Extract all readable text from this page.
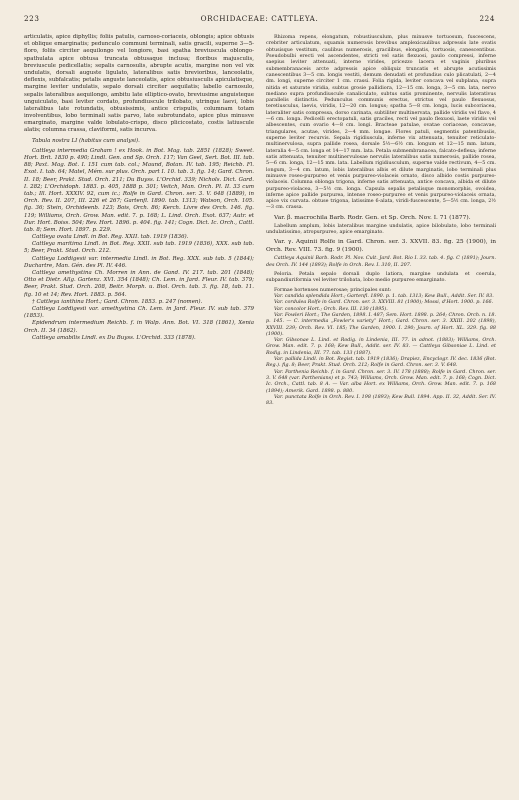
223	ORCHIDACEAE: CATTLEYA.	224

articulatis, apice diphyllis; foliis patulis, carnoso-coriaceis, oblongis; apice obtusis et oblique emarginatis; pedunculo communi terminali, satis gracili, superne 3—5-floro, foliis circiter aequilongo vel longiore, basi spatha breviuscula oblongo-spathulata apice obtusa truncata obtusaque inclusa; floribus majusculis, breviuscule pedicellatis; sepalis carnosulis, abrupte acutis, margine non vel vix undulatis, dorsali auguste ligulato, lateralibus satis brevioribus, lanceolatis, deflexis, subfalcatis; petalis anguste lanceolatis, apice obtusiusculis apiculatisque, margine leviter undulatis, sepalo dorsali circiter aequilatis; labello carnosulo, sepalis lateralibus aequilongo, ambitu late elliptico-ovato, breviusime anguisteque unguiculato, basi leviter cordato, profundiuscule trilobato, utrinque laevi, lobis lateralibus late rotundatis, obtusissimis, antice crispulis, columnam totam involventibus, lobo terminali satis parvo, late subrotundato, apice plus minusve emarginato, margine valde lobulato-crispo, disco plicicostato, costis latiuscule alatis; columna crassa, claviformi, satis incurva.

Tabula nostra LI (habitus cum analysi).

Cattleya intermedia Graham ! ex Hook. in Bot. Mag. tab. 2851 (1828); Sweet. Hort. Brit. 1830 p. 490; Lindl. Gen. and Sp. Orch. 117; Van Geel, Sert. Bot. III. tab. 88; Paxt. Mag. Bot. I. 151 cum tab. col.; Maund, Botan. IV. tab. 195; Reichb. Fl. Exot. I. tab. 64; Matel, Mém. sur plus. Orch. part I. 10. tab. 3. fig. 14; Gard. Chron. II. 18; Beer, Prakt. Stud. Orch. 211; Du Buyss. L'Orchid. 339; Nichols. Dict. Gard. I. 282; L'Orchidoph. 1883. p. 405, 1888 p. 301; Veitch, Man. Orch. Pl. II. 33 cum tab.; Ill. Hort. XXXIV. 92, cum ic.; Rolfe in Gard. Chron. ser. 3. V. 648 (1889), in Orch. Rev. II. 207, III. 226 et 267; Gartenfl. 1890. tab. 1313; Watson, Orch. 105. fig. 36; Stein, Orchideenb. 123; Bois, Orch. 86; Kerch. Livre des Orch. 146. fig. 119; Williams, Orch. Grow. Man. edit. 7. p. 168; L. Lind. Orch. Exot. 637; Autr. et Dur. Hort. Boiss. 504; Rev. Hort. 1896. p. 404. fig. 141; Cogn. Dict. Ic. Orch., Cattl. tab. 8; Sem. Hort. 1897. p. 229.

Cattleya ovata Lindl. in Bot. Reg. XXII. tab. 1919 (1836).

Cattleya maritima Lindl. in Bot. Reg. XXII. sub tab. 1919 (1836), XXX. sub tab. 5; Beer, Prakt. Stud. Orch. 212.

Cattleya Loddigesii var. intermedia Lindl. in Bot. Reg. XXX. sub tab. 5 (1844); Duchartre, Man. Gén. des Pl. IV. 446.

Cattleya amethystina Ch. Morren in Ann. de Gand. IV. 217. tab. 201 (1848); Otto et Dietr. Allg. Gartenz. XVI. 354 (1848); Ch. Lem. in Jard. Fleur. IV. tab. 379; Beer, Prakt. Stud. Orch. 208, Beitr. Morph. u. Biol. Orch. tab. 3. fig. 18, tab. 11. fig. 10 et 14; Rev. Hort. 1883. p. 564.

† Cattleya ianthina Hort.; Gard. Chron. 1853. p. 247 (nomen).

Cattleya Loddigesii var. amethystina Ch. Lem. in Jard. Fleur. IV. sub tab. 379 (1853).

Epidendrum intermedium Reichb. f. in Walp. Ann. Bot. VI. 318 (1861), Xenia Orch. II. 34 (1862).

Cattleya amabilis Lindl. ex Du Buyss. L'Orchid. 333 (1878).

Rhizoma repens, elongatum, robustiusculum, plus minusve tortuosum, fuscescens, crebriter articulatum, squamis numerosis brevibus amplexicaulibus adpressis late ovatis obtusisque vestitum, caulibus numerosis, gracilibus, elongatis, tortuosis, canescentibus. Pseudobulbi erecti vel ascendentes, stricti vel satis flexuosi, paulo compressi, inferne saepius leviter attenuati, interne virides, pricezzo lacera et vaginis pluribus submembranaceis arcte adpressis apice obliquiz truncatis et abrupte acutissimis canescentibus 3—5 cm. longis vestiti, demum denudati et profundius culo plicatulati, 2—4 dm. longi, superne circiter 1 cm. crassi. Folia rigida, leviter concava vel subplana, supra nitida et saturate viridia, subtus grosie pallidiora, 12—15 cm. longa, 3—5 cm. lata, nervo mediano supra profundiuscule canaliculato, subtus satis prominente, nervulis laterativus parallelis distinctis. Pedunculus communis erectus, strictus vel paulo flexuosus, teretiusculus, laevis, viridis, 12—20 cm. longus; spatha 5—8 cm. longa, lucis subcoriacea, lateraliter satis compressa, dorso carinata, subtiliter multinervata, pallide viridis vel flavo, 4—6 cm. longa. Pedicelli erectopatuli, satis graciles, recti vel paulo flexuosi, laete viridis vel albescentes, cum ovario 4—8 cm. longi. Bracteae patulae, ovatae coriaceae, concavae, triangulares, acutae, virides, 2—4 mm. longae. Flores patuli, segmentis patentibusiis, superne leviter recurvis. Sepala rigidiuscula, inferne vix attenuata, tenuiter reticulato-multinervulosa, supra pallide rosea, dorsale 5½—6½ cm. longum et 12—15 mm. latum, lateralia 4—5 cm. longa et 14—17 mm. lata. Petala submembranacea, falcato-deflexa; inferne satis attenuata, tenuiter multinervulosae nervulis lateralibus satis numerosis, pallide rosea, 5—6 cm. longa, 12—15 mm. lata. Labellum rigidiusculum, superne valde rectivum, 4—5 cm. longum, 3—4 cm. latum, lobis lateralibus albis et dilute marginatis, lobo terminali plus minusve roseo-purpureo et venis purpureo-violaceis ornato, disco albido costis purpureo-violaceis. Columna oblonga trigona, inferne satis attenuata, antice concava, albida et dilute purpureo-violacea, 3—5½ cm. longa. Capsula sepalis petalisque monomorphis, ovoidea, inferne apice pallide purpurea, intense roseo-purpureo et venis purpureo-violaceis ornata, apice vix curvata. obtuse trigona, latissime 6-alata, viridi-fuscescente, 5—5½ cm. longa, 2½—3 cm. crassa.

Var. β. macrochila Barb. Rodr. Gen. et Sp. Orch. Nov. I. 71 (1877).

Labellum amplum, lobis lateralibus margine undulatis, apice bilobulato, lobo terminali undulatissimo, atropurpureo, apice emarginato.

Var. γ. Aquinii Rolfe in Gard. Chron. ser. 3. XXVII. 83. fig. 25 (1900), in Orch. Rev. VIII. 73. fig. 9 (1900).

Cattleya Aquinii Barb. Rodr. Pl. Nov. Cult. Jard. Bot. Rio I. 33. tab. 4. fig. C (1891); Journ. des Orch. IV. 144 (1893); Rolfe in Orch. Rev. I. 310, II. 207.

Peloria. Petala sepalo dorsali duplo latiora, margine undulata et coerula, subpandiuriformia vel leviter trilobata, lobo medio purpureo emarginato.

Formae hortenses numerosae; principales sunt:

Var. candida splendida Hort.; Gartenfl. 1890. p. 1. tab. 1313; Kew Bull., Addit. Ser. IV. 83.

Var. cordulea Rolfe in Gard. Chron. ser. 3. XXVIII. 81 (1900); Mossi, d'Hort. 1900. p. 166.

Var. concolor Hort.; Orch. Rev. III. 130 (1895).

Var. Fowleri Hort.; The Garden, 1898. I. 487; Sem. Hort. 1898. p. 264; Chron. Orch. n. 18. p. 145. — C. intermedia „Fowler's variety“ Hort.; Gard. Chron. ser. 3. XXIII. 202 (1898), XXVIII. 239; Orch. Rev. VI. 185; The Garden, 1900. I. 290; Journ. of Hort. XL. 329. fig. 88 (1900).

Var. Gibsonae L. Lind. et Rodig. in Lindenia, III. 77. in adnot. (1883); Williams, Orch. Grow. Man. edit. 7. p. 168; Kew Bull., Addit. ser. IV. 83. — Cattleya Gibsoniae L. Lind. et Rodig. in Lindenia, III. 77. tab. 133 (1887).

Var. pallida Lindl. in Bot. Regist. tab. 1919 (1836); Drapiez, Encyclogr. IV. dec. 1836 (Bot. Reg.). fig. 8; Beer, Prakt. Stud. Orch. 212; Rolfe in Gard. Chron. ser. 3. V. 648.

Var. Parthenia Reichb. f. in Gard. Chron. ser. 3. IV. 178 (1888); Rolfe in Gard. Chron. ser. 3. V. 648 (var. Parthenians) et p. 743; Williams, Orch. Grow. Man. edit. 7. p. 168; Cogn. Dict. Ic. Orch., Cattl. tab. 8 A. — Var. alba Hort. ex Williams, Orch. Grow. Man. edit. 7. p. 168 (1894); Amerik. Gard. 1898. p. 880.

Var. punctata Rolfe in Orch. Rev. I. 198 (1893); Kew Bull. 1894. App. II. 32, Addit. Ser. IV. 83.
